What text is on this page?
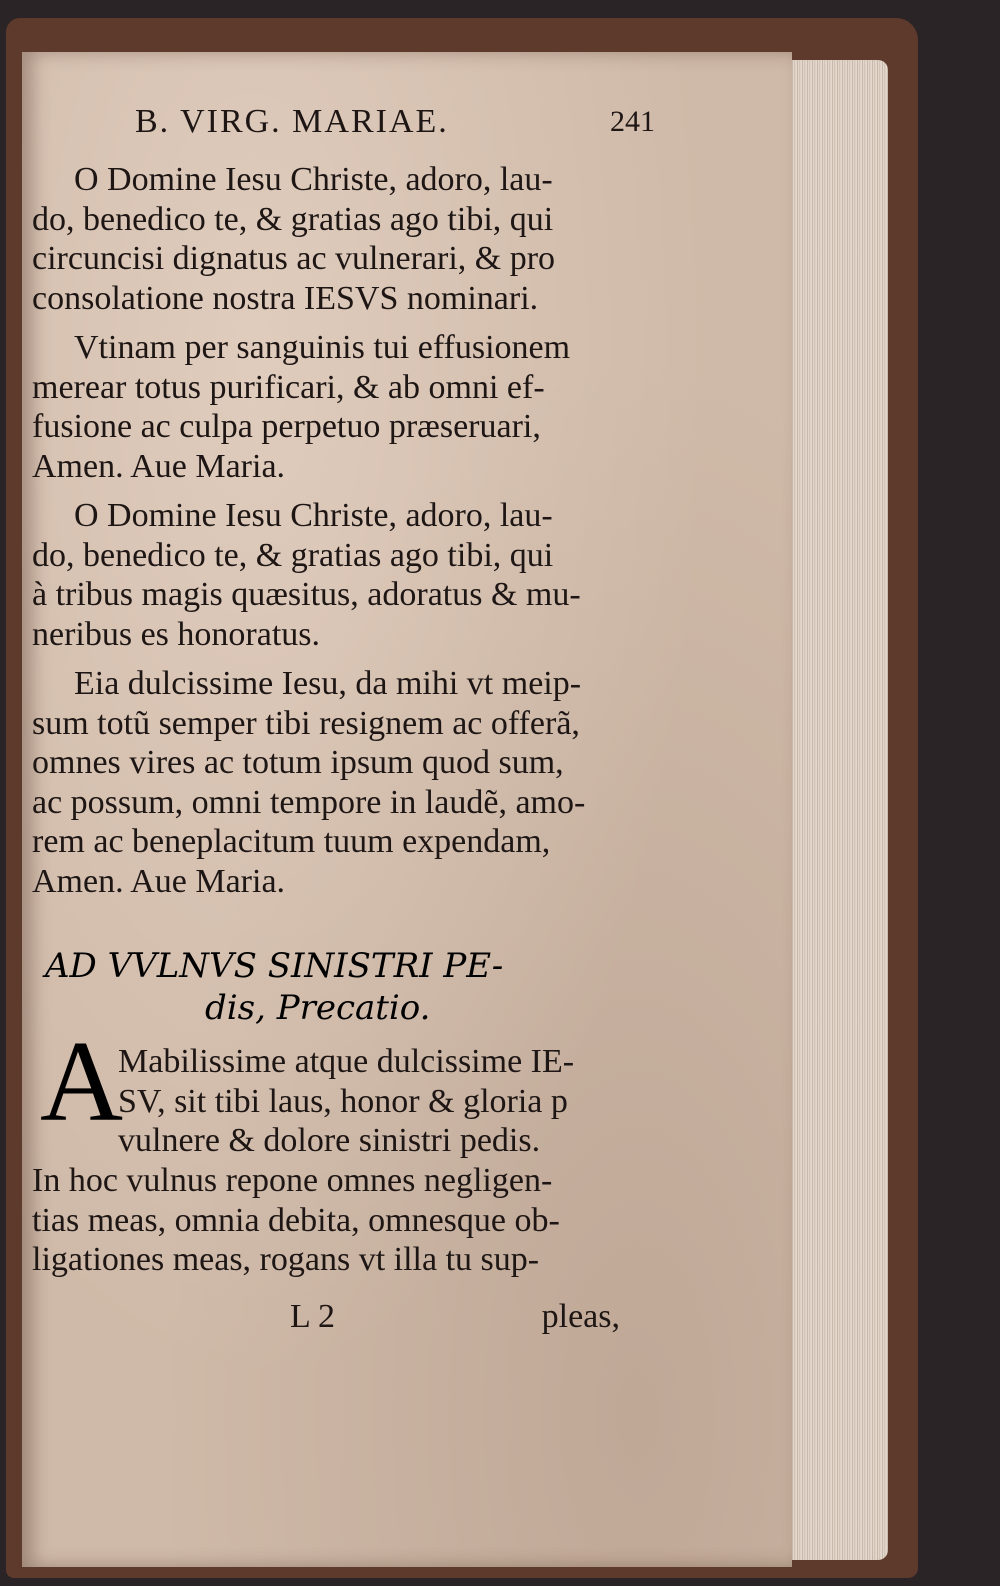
B. VIRG. MARIAE.	241
O Domine Iesu Christe, adoro, lau-
do, benedico te, & gratias ago tibi, qui
circuncisi dignatus ac vulnerari, & pro
consolatione nostra IESVS nominari.
Vtinam per sanguinis tui effusionem
merear totus purificari, & ab omni ef-
fusione ac culpa perpetuo præseruari,
Amen. Aue Maria.
O Domine Iesu Christe, adoro, lau-
do, benedico te, & gratias ago tibi, qui
à tribus magis quæsitus, adoratus & mu-
neribus es honoratus.
Eia dulcissime Iesu, da mihi vt meip-
sum totũ semper tibi resignem ac offerã,
omnes vires ac totum ipsum quod sum,
ac possum, omni tempore in laudẽ, amo-
rem ac beneplacitum tuum expendam,
Amen. Aue Maria.
AD VVLNVS SINISTRI PE-
dis, Precatio.
A
Mabilissime atque dulcissime IE-
SV, sit tibi laus, honor & gloria p
vulnere & dolore sinistri pedis.
In hoc vulnus repone omnes negligen-
tias meas, omnia debita, omnesque ob-
ligationes meas, rogans vt illa tu sup-
L 2	pleas,
